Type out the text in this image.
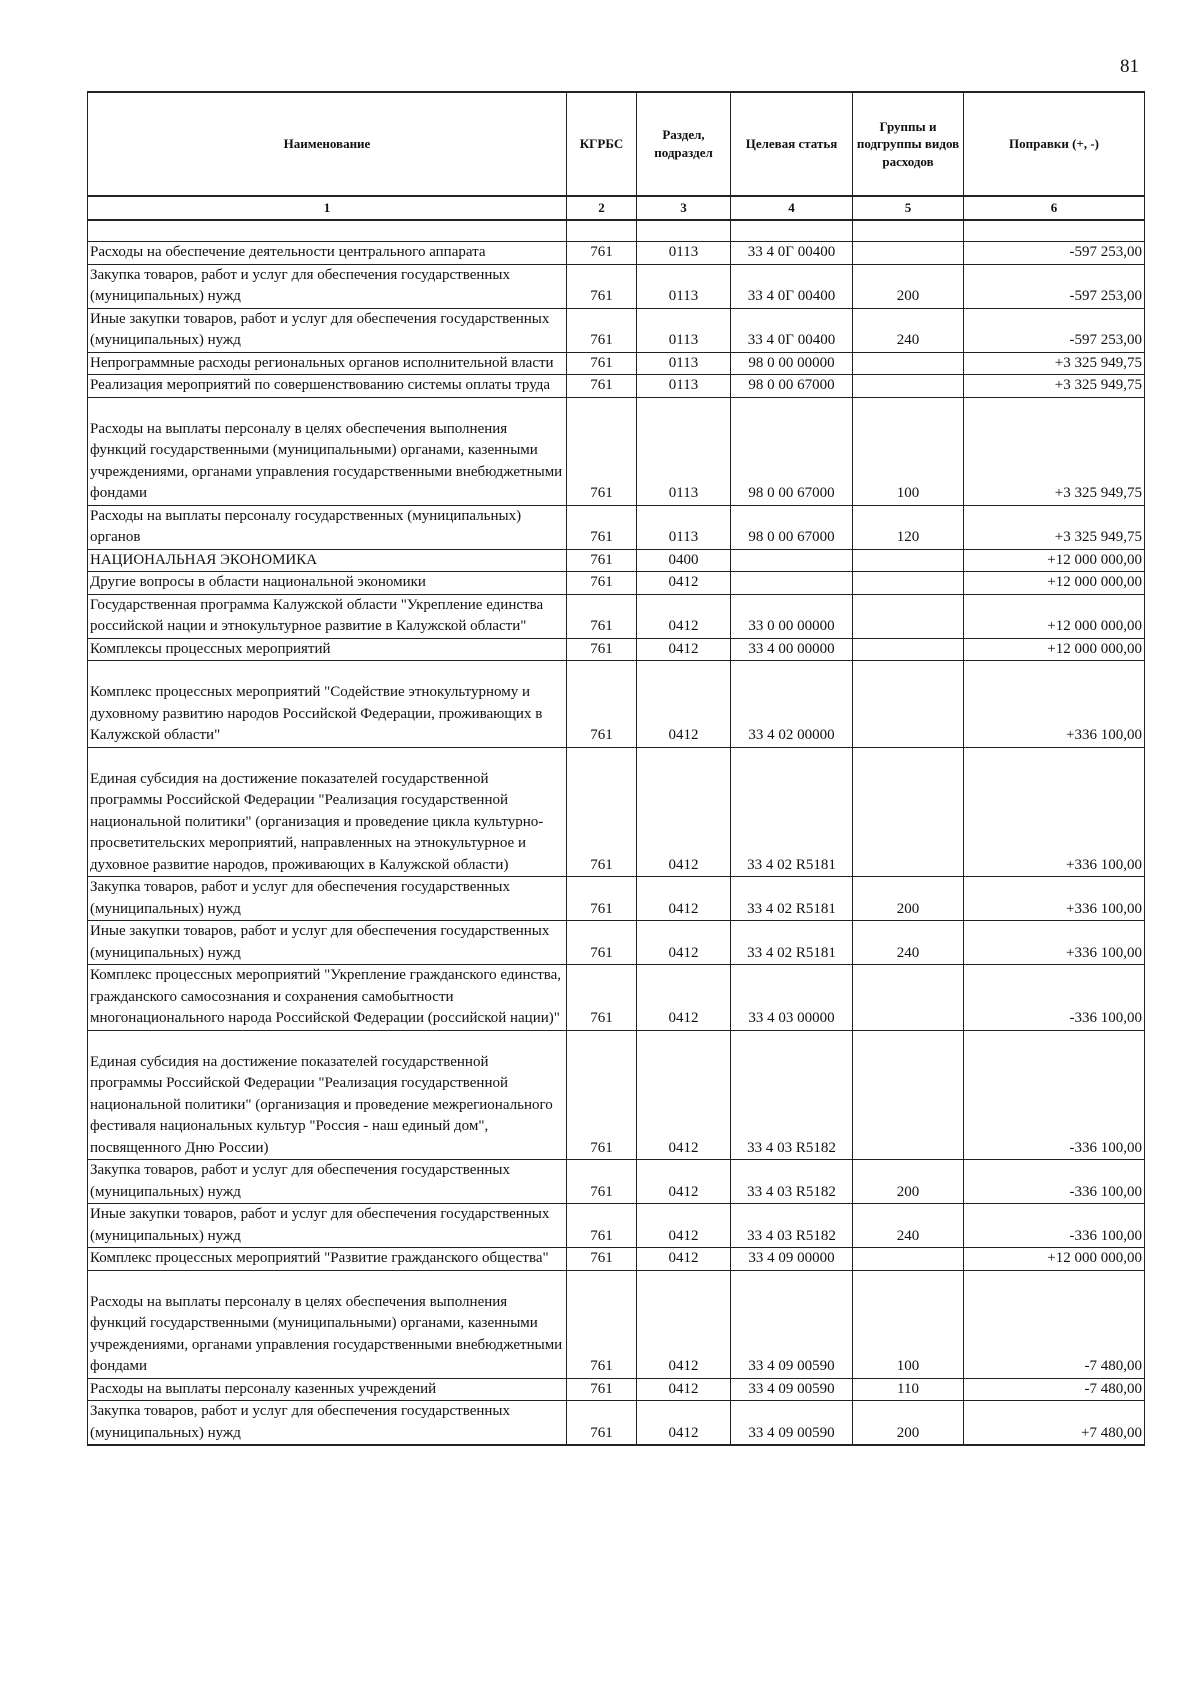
81
Наименование	КГРБС	Раздел, подраздел	Целевая статья	Группы и подгруппы видов расходов	Поправки (+, -)
1	2	3	4	5	6

Расходы на обеспечение деятельности центрального аппарата	761	0113	33 4 0Г 00400		-597 253,00
Закупка товаров, работ и услуг для обеспечения государственных (муниципальных) нужд	761	0113	33 4 0Г 00400	200	-597 253,00
Иные закупки товаров, работ и услуг для обеспечения государственных (муниципальных) нужд	761	0113	33 4 0Г 00400	240	-597 253,00
Непрограммные расходы региональных органов исполнительной власти	761	0113	98 0 00 00000		+3 325 949,75
Реализация мероприятий по совершенствованию системы оплаты труда	761	0113	98 0 00 67000		+3 325 949,75
Расходы на выплаты персоналу в целях обеспечения выполнения функций государственными (муниципальными) органами, казенными учреждениями, органами управления государственными внебюджетными фондами	761	0113	98 0 00 67000	100	+3 325 949,75
Расходы на выплаты персоналу государственных (муниципальных) органов	761	0113	98 0 00 67000	120	+3 325 949,75
НАЦИОНАЛЬНАЯ ЭКОНОМИКА	761	0400			+12 000 000,00
Другие вопросы в области национальной экономики	761	0412			+12 000 000,00
Государственная программа Калужской области "Укрепление единства российской нации и этнокультурное развитие в Калужской области"	761	0412	33 0 00 00000		+12 000 000,00
Комплексы процессных мероприятий	761	0412	33 4 00 00000		+12 000 000,00
Комплекс процессных мероприятий "Содействие этнокультурному и духовному развитию народов Российской Федерации, проживающих в Калужской области"	761	0412	33 4 02 00000		+336 100,00
Единая субсидия на достижение показателей государственной программы Российской Федерации "Реализация государственной национальной политики" (организация и проведение цикла культурно-просветительских мероприятий, направленных на этнокультурное и духовное развитие народов, проживающих в Калужской области)	761	0412	33 4 02 R5181		+336 100,00
Закупка товаров, работ и услуг для обеспечения государственных (муниципальных) нужд	761	0412	33 4 02 R5181	200	+336 100,00
Иные закупки товаров, работ и услуг для обеспечения государственных (муниципальных) нужд	761	0412	33 4 02 R5181	240	+336 100,00
Комплекс процессных мероприятий "Укрепление гражданского единства, гражданского самосознания и сохранения самобытности многонационального народа Российской Федерации (российской нации)"	761	0412	33 4 03 00000		-336 100,00
Единая субсидия на достижение показателей государственной программы Российской Федерации "Реализация государственной национальной политики" (организация и проведение межрегионального фестиваля национальных культур "Россия - наш единый дом", посвященного Дню России)	761	0412	33 4 03 R5182		-336 100,00
Закупка товаров, работ и услуг для обеспечения государственных (муниципальных) нужд	761	0412	33 4 03 R5182	200	-336 100,00
Иные закупки товаров, работ и услуг для обеспечения государственных (муниципальных) нужд	761	0412	33 4 03 R5182	240	-336 100,00
Комплекс процессных мероприятий "Развитие гражданского общества"	761	0412	33 4 09 00000		+12 000 000,00
Расходы на выплаты персоналу в целях обеспечения выполнения функций государственными (муниципальными) органами, казенными учреждениями, органами управления государственными внебюджетными фондами	761	0412	33 4 09 00590	100	-7 480,00
Расходы на выплаты персоналу казенных учреждений	761	0412	33 4 09 00590	110	-7 480,00
Закупка товаров, работ и услуг для обеспечения государственных (муниципальных) нужд	761	0412	33 4 09 00590	200	+7 480,00
